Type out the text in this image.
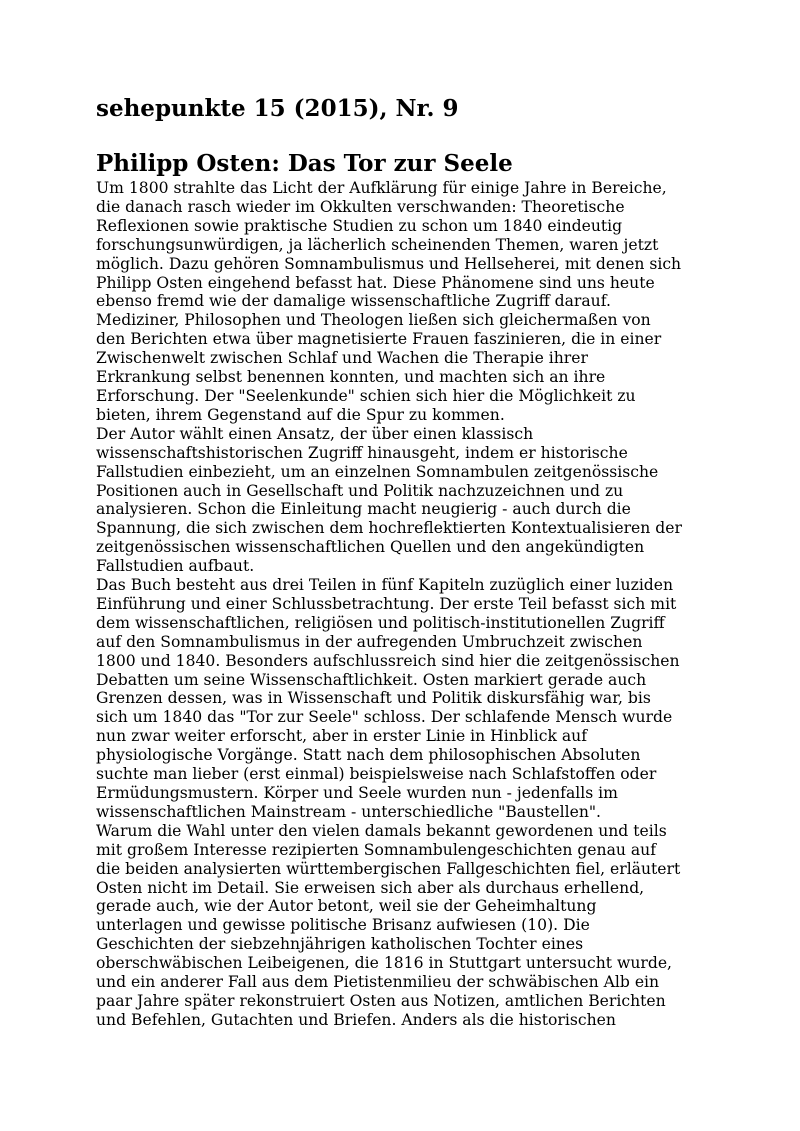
sehepunkte 15 (2015), Nr. 9
Philipp Osten: Das Tor zur Seele
Um 1800 strahlte das Licht der Aufklärung für einige Jahre in Bereiche,
die danach rasch wieder im Okkulten verschwanden: Theoretische
Reflexionen sowie praktische Studien zu schon um 1840 eindeutig
forschungsunwürdigen, ja lächerlich scheinenden Themen, waren jetzt
möglich. Dazu gehören Somnambulismus und Hellseherei, mit denen sich
Philipp Osten eingehend befasst hat. Diese Phänomene sind uns heute
ebenso fremd wie der damalige wissenschaftliche Zugriff darauf.
Mediziner, Philosophen und Theologen ließen sich gleichermaßen von
den Berichten etwa über magnetisierte Frauen faszinieren, die in einer
Zwischenwelt zwischen Schlaf und Wachen die Therapie ihrer
Erkrankung selbst benennen konnten, und machten sich an ihre
Erforschung. Der "Seelenkunde" schien sich hier die Möglichkeit zu
bieten, ihrem Gegenstand auf die Spur zu kommen.
Der Autor wählt einen Ansatz, der über einen klassisch
wissenschaftshistorischen Zugriff hinausgeht, indem er historische
Fallstudien einbezieht, um an einzelnen Somnambulen zeitgenössische
Positionen auch in Gesellschaft und Politik nachzuzeichnen und zu
analysieren. Schon die Einleitung macht neugierig - auch durch die
Spannung, die sich zwischen dem hochreflektierten Kontextualisieren der
zeitgenössischen wissenschaftlichen Quellen und den angekündigten
Fallstudien aufbaut.
Das Buch besteht aus drei Teilen in fünf Kapiteln zuzüglich einer luziden
Einführung und einer Schlussbetrachtung. Der erste Teil befasst sich mit
dem wissenschaftlichen, religiösen und politisch-institutionellen Zugriff
auf den Somnambulismus in der aufregenden Umbruchzeit zwischen
1800 und 1840. Besonders aufschlussreich sind hier die zeitgenössischen
Debatten um seine Wissenschaftlichkeit. Osten markiert gerade auch
Grenzen dessen, was in Wissenschaft und Politik diskursfähig war, bis
sich um 1840 das "Tor zur Seele" schloss. Der schlafende Mensch wurde
nun zwar weiter erforscht, aber in erster Linie in Hinblick auf
physiologische Vorgänge. Statt nach dem philosophischen Absoluten
suchte man lieber (erst einmal) beispielsweise nach Schlafstoffen oder
Ermüdungsmustern. Körper und Seele wurden nun - jedenfalls im
wissenschaftlichen Mainstream - unterschiedliche "Baustellen".
Warum die Wahl unter den vielen damals bekannt gewordenen und teils
mit großem Interesse rezipierten Somnambulengeschichten genau auf
die beiden analysierten württembergischen Fallgeschichten fiel, erläutert
Osten nicht im Detail. Sie erweisen sich aber als durchaus erhellend,
gerade auch, wie der Autor betont, weil sie der Geheimhaltung
unterlagen und gewisse politische Brisanz aufwiesen (10). Die
Geschichten der siebzehnjährigen katholischen Tochter eines
oberschwäbischen Leibeigenen, die 1816 in Stuttgart untersucht wurde,
und ein anderer Fall aus dem Pietistenmilieu der schwäbischen Alb ein
paar Jahre später rekonstruiert Osten aus Notizen, amtlichen Berichten
und Befehlen, Gutachten und Briefen. Anders als die historischen
